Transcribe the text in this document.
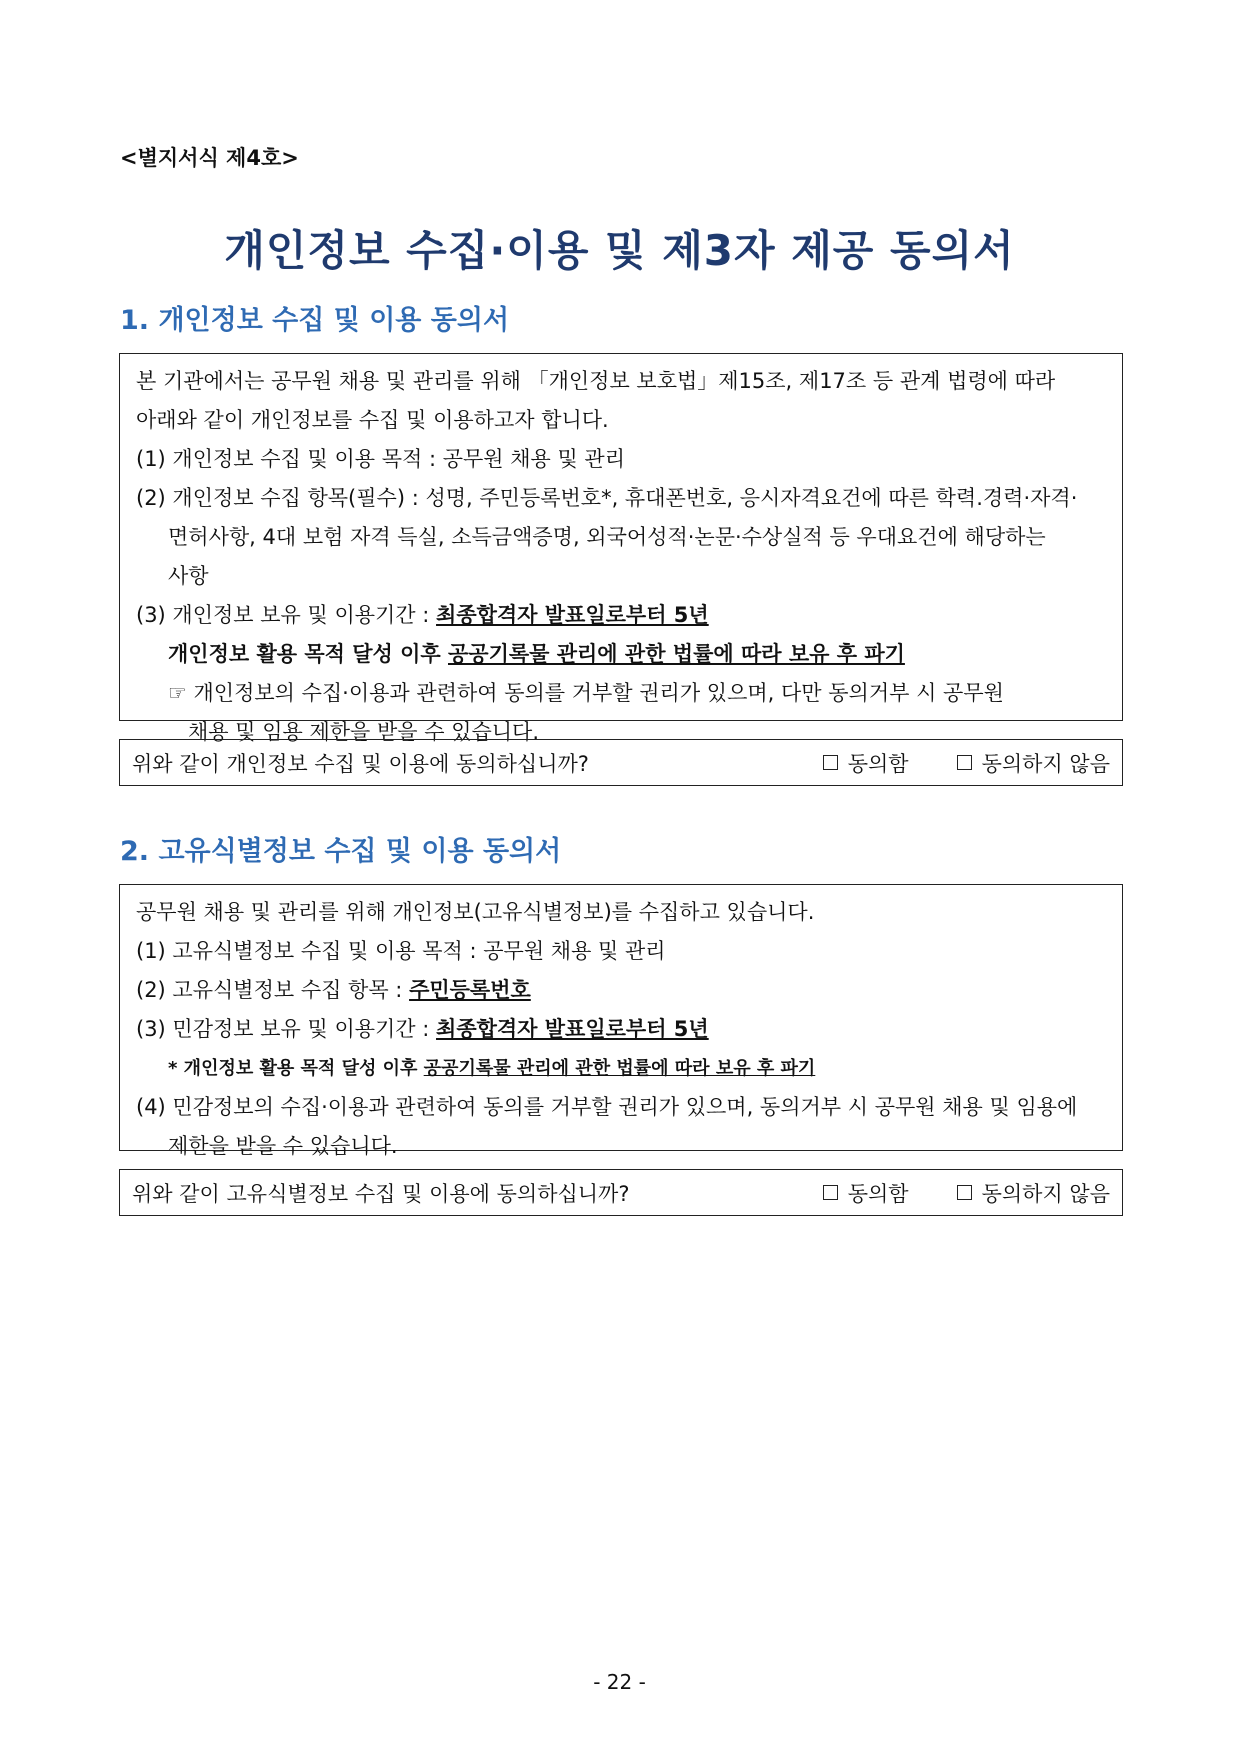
<별지서식 제4호>
개인정보 수집·이용 및 제3자 제공 동의서
1. 개인정보 수집 및 이용 동의서

본 기관에서는 공무원 채용 및 관리를 위해 「개인정보 보호법」제15조, 제17조 등 관계 법령에 따라

아래와 같이 개인정보를 수집 및 이용하고자 합니다.

(1) 개인정보 수집 및 이용 목적 : 공무원 채용 및 관리

(2) 개인정보 수집 항목(필수) : 성명, 주민등록번호*, 휴대폰번호, 응시자격요건에 따른 학력.경력·자격·

면허사항, 4대 보험 자격 득실, 소득금액증명, 외국어성적·논문·수상실적 등 우대요건에 해당하는

사항

(3) 개인정보 보유 및 이용기간 : 최종합격자 발표일로부터 5년

개인정보 활용 목적 달성 이후 공공기록물 관리에 관한 법률에 따라 보유 후 파기

☞ 개인정보의 수집·이용과 관련하여 동의를 거부할 권리가 있으며, 다만 동의거부 시 공무원

채용 및 임용 제한을 받을 수 있습니다.

위와 같이 개인정보 수집 및 이용에 동의하십니까?	동의함	동의하지 않음
2. 고유식별정보 수집 및 이용 동의서

공무원 채용 및 관리를 위해 개인정보(고유식별정보)를 수집하고 있습니다.

(1) 고유식별정보 수집 및 이용 목적 : 공무원 채용 및 관리

(2) 고유식별정보 수집 항목 : 주민등록번호

(3) 민감정보 보유 및 이용기간 : 최종합격자 발표일로부터 5년

* 개인정보 활용 목적 달성 이후 공공기록물 관리에 관한 법률에 따라 보유 후 파기

(4) 민감정보의 수집·이용과 관련하여 동의를 거부할 권리가 있으며, 동의거부 시 공무원 채용 및 임용에

제한을 받을 수 있습니다.

위와 같이 고유식별정보 수집 및 이용에 동의하십니까?	동의함	동의하지 않음
- 22 -
